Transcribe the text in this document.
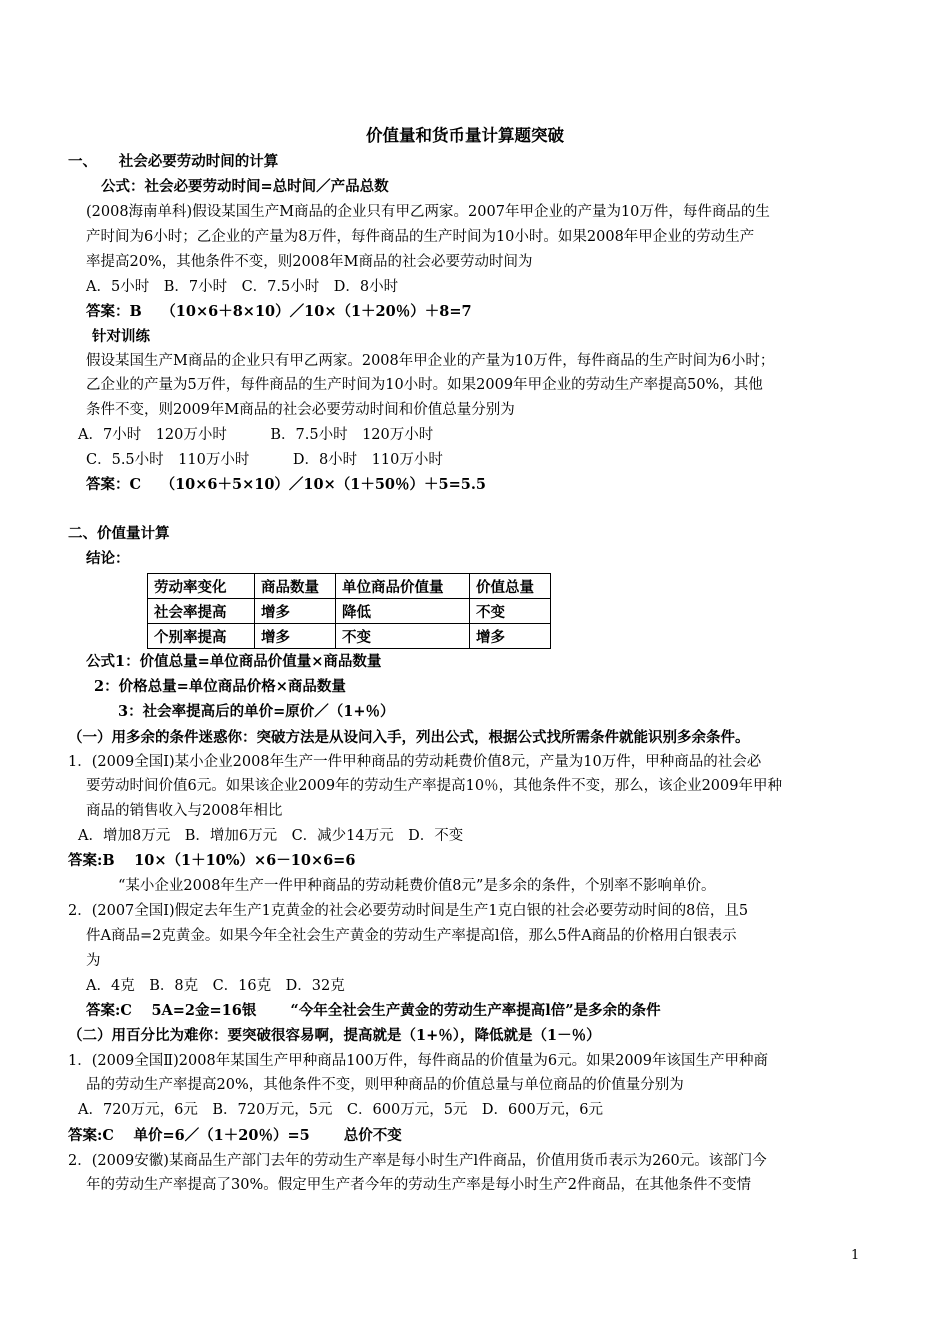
价值量和货币量计算题突破
一、　　社会必要劳动时间的计算
公式：社会必要劳动时间=总时间／产品总数
(2008海南单科)假设某国生产M商品的企业只有甲乙两家。2007年甲企业的产量为10万件，每件商品的生
产时间为6小时；乙企业的产量为8万件，每件商品的生产时间为10小时。如果2008年甲企业的劳动生产
率提高20%，其他条件不变，则2008年M商品的社会必要劳动时间为
A．5小时　B．7小时　C．7.5小时　D．8小时
答案：B　 （10×6＋8×10）／10×（1＋20％）＋8=7
针对训练
假设某国生产M商品的企业只有甲乙两家。2008年甲企业的产量为10万件，每件商品的生产时间为6小时；
乙企业的产量为5万件，每件商品的生产时间为10小时。如果2009年甲企业的劳动生产率提高50%，其他
条件不变，则2009年M商品的社会必要劳动时间和价值总量分别为
A．7小时　120万小时　　　B．7.5小时　120万小时
C．5.5小时　110万小时　　　D．8小时　110万小时
答案：C　 （10×6＋5×10）／10×（1＋50％）＋5=5.5
二、价值量计算
结论：
劳动率变化	商品数量	单位商品价值量	价值总量
社会率提高	增多	降低	不变
个别率提高	增多	不变	增多
公式1：价值总量=单位商品价值量×商品数量
2：价格总量=单位商品价格×商品数量
3：社会率提高后的单价=原价／（1+％）
（一）用多余的条件迷惑你：突破方法是从设问入手，列出公式，根据公式找所需条件就能识别多余条件。
1．(2009全国Ⅰ)某小企业2008年生产一件甲种商品的劳动耗费价值8元，产量为10万件，甲种商品的社会必
要劳动时间价值6元。如果该企业2009年的劳动生产率提高10％，其他条件不变，那么，该企业2009年甲种
商品的销售收入与2008年相比
A．增加8万元　B．增加6万元　C．减少14万元　D．不变
答案:B　 10×（1＋10%）×6－10×6=6
“某小企业2008年生产一件甲种商品的劳动耗费价值8元”是多余的条件，个别率不影响单价。
2．(2007全国Ⅰ)假定去年生产1克黄金的社会必要劳动时间是生产1克白银的社会必要劳动时间的8倍，且5
件A商品=2克黄金。如果今年全社会生产黄金的劳动生产率提高l倍，那么5件A商品的价格用白银表示
为
A．4克　B．8克　C．16克　D．32克
答案:C　 5A=2金=16银　　 “今年全社会生产黄金的劳动生产率提高l倍”是多余的条件
（二）用百分比为难你：要突破很容易啊，提高就是（1+％），降低就是（1－％）
1．(2009全国Ⅱ)2008年某国生产甲种商品100万件，每件商品的价值量为6元。如果2009年该国生产甲种商
品的劳动生产率提高20%，其他条件不变，则甲种商品的价值总量与单位商品的价值量分别为
A．720万元，6元　B．720万元，5元　C．600万元，5元　D．600万元，6元
答案:C　 单价=6／（1＋20％）=5　　 总价不变
2．(2009安徽)某商品生产部门去年的劳动生产率是每小时生产l件商品，价值用货币表示为260元。该部门今
年的劳动生产率提高了30%。假定甲生产者今年的劳动生产率是每小时生产2件商品，在其他条件不变情
1
